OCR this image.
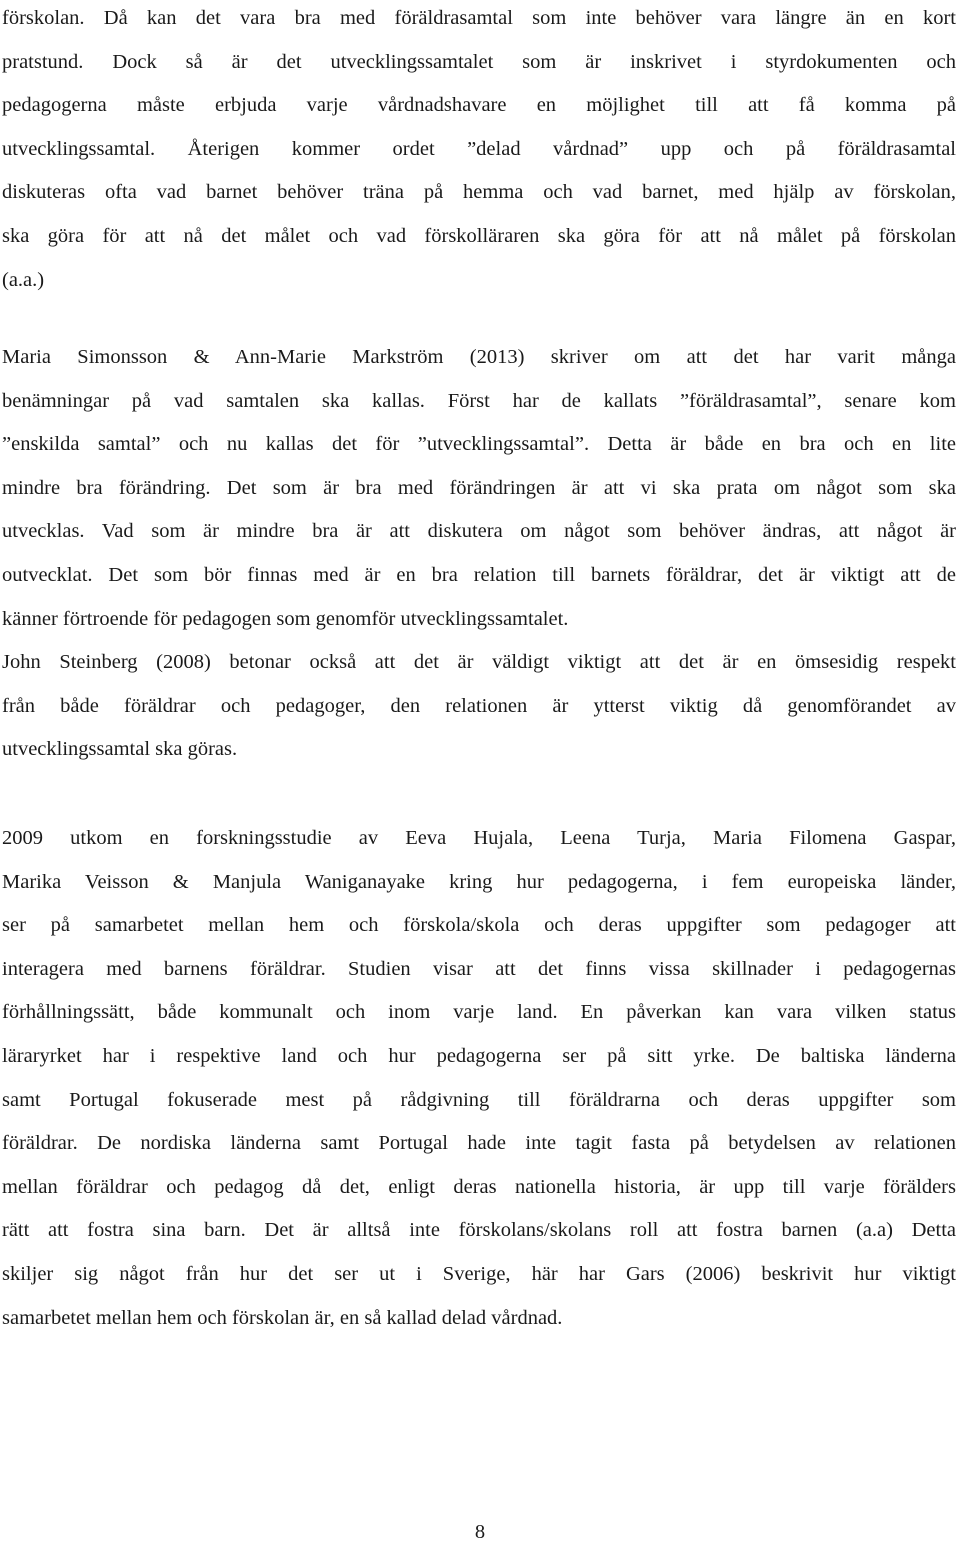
förskolan. Då kan det vara bra med föräldrasamtal som inte behöver vara längre än en kort
pratstund. Dock så är det utvecklingssamtalet som är inskrivet i styrdokumenten och
pedagogerna måste erbjuda varje vårdnadshavare en möjlighet till att få komma på
utvecklingssamtal. Återigen kommer ordet ”delad vårdnad” upp och på föräldrasamtal
diskuteras ofta vad barnet behöver träna på hemma och vad barnet, med hjälp av förskolan,
ska göra för att nå det målet och vad förskolläraren ska göra för att nå målet på förskolan
(a.a.)
Maria Simonsson & Ann-Marie Markström (2013) skriver om att det har varit många
benämningar på vad samtalen ska kallas. Först har de kallats ”föräldrasamtal”, senare kom
”enskilda samtal” och nu kallas det för ”utvecklingssamtal”. Detta är både en bra och en lite
mindre bra förändring. Det som är bra med förändringen är att vi ska prata om något som ska
utvecklas. Vad som är mindre bra är att diskutera om något som behöver ändras, att något är
outvecklat. Det som bör finnas med är en bra relation till barnets föräldrar, det är viktigt att de
känner förtroende för pedagogen som genomför utvecklingssamtalet.
John Steinberg (2008) betonar också att det är väldigt viktigt att det är en ömsesidig respekt
från både föräldrar och pedagoger, den relationen är ytterst viktig då genomförandet av
utvecklingssamtal ska göras.
2009 utkom en forskningsstudie av Eeva Hujala, Leena Turja, Maria Filomena Gaspar,
Marika Veisson & Manjula Waniganayake kring hur pedagogerna, i fem europeiska länder,
ser på samarbetet mellan hem och förskola/skola och deras uppgifter som pedagoger att
interagera med barnens föräldrar. Studien visar att det finns vissa skillnader i pedagogernas
förhållningssätt, både kommunalt och inom varje land. En påverkan kan vara vilken status
läraryrket har i respektive land och hur pedagogerna ser på sitt yrke. De baltiska länderna
samt Portugal fokuserade mest på rådgivning till föräldrarna och deras uppgifter som
föräldrar. De nordiska länderna samt Portugal hade inte tagit fasta på betydelsen av relationen
mellan föräldrar och pedagog då det, enligt deras nationella historia, är upp till varje förälders
rätt att fostra sina barn. Det är alltså inte förskolans/skolans roll att fostra barnen (a.a) Detta
skiljer sig något från hur det ser ut i Sverige, här har Gars (2006) beskrivit hur viktigt
samarbetet mellan hem och förskolan är, en så kallad delad vårdnad.
8
